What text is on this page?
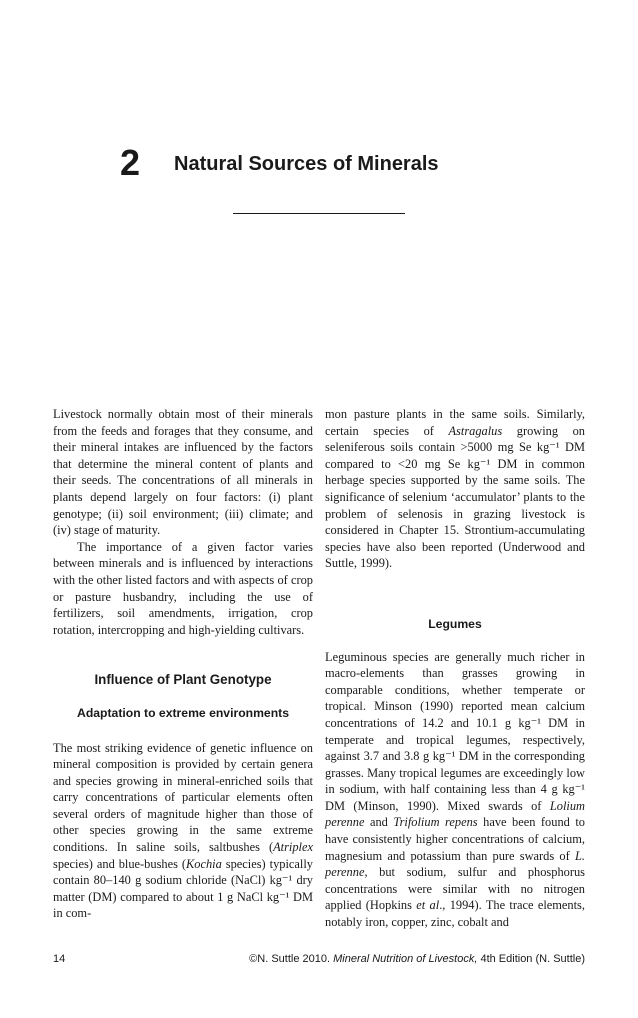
2 Natural Sources of Minerals

Livestock normally obtain most of their minerals from the feeds and forages that they consume, and their mineral intakes are influenced by the factors that determine the mineral content of plants and their seeds. The concentrations of all minerals in plants depend largely on four factors: (i) plant genotype; (ii) soil environment; (iii) climate; and (iv) stage of maturity.

The importance of a given factor varies between minerals and is influenced by interactions with the other listed factors and with aspects of crop or pasture husbandry, including the use of fertilizers, soil amendments, irrigation, crop rotation, intercropping and high-yielding cultivars.

Influence of Plant Genotype
Adaptation to extreme environments

The most striking evidence of genetic influence on mineral composition is provided by certain genera and species growing in mineral-enriched soils that carry concentrations of particular elements often several orders of magnitude higher than those of other species growing in the same extreme conditions. In saline soils, saltbushes (Atriplex species) and blue-bushes (Kochia species) typically contain 80–140 g sodium chloride (NaCl) kg⁻¹ dry matter (DM) compared to about 1 g NaCl kg⁻¹ DM in com-

mon pasture plants in the same soils. Similarly, certain species of Astragalus growing on seleniferous soils contain >5000 mg Se kg⁻¹ DM compared to <20 mg Se kg⁻¹ DM in common herbage species supported by the same soils. The significance of selenium ‘accumulator’ plants to the problem of selenosis in grazing livestock is considered in Chapter 15. Strontium-accumulating species have also been reported (Underwood and Suttle, 1999).

Legumes

Leguminous species are generally much richer in macro-elements than grasses growing in comparable conditions, whether temperate or tropical. Minson (1990) reported mean calcium concentrations of 14.2 and 10.1 g kg⁻¹ DM in temperate and tropical legumes, respectively, against 3.7 and 3.8 g kg⁻¹ DM in the corresponding grasses. Many tropical legumes are exceedingly low in sodium, with half containing less than 4 g kg⁻¹ DM (Minson, 1990). Mixed swards of Lolium perenne and Trifolium repens have been found to have consistently higher concentrations of calcium, magnesium and potassium than pure swards of L. perenne, but sodium, sulfur and phosphorus concentrations were similar with no nitrogen applied (Hopkins et al., 1994). The trace elements, notably iron, copper, zinc, cobalt and

14	©N. Suttle 2010. Mineral Nutrition of Livestock, 4th Edition (N. Suttle)
